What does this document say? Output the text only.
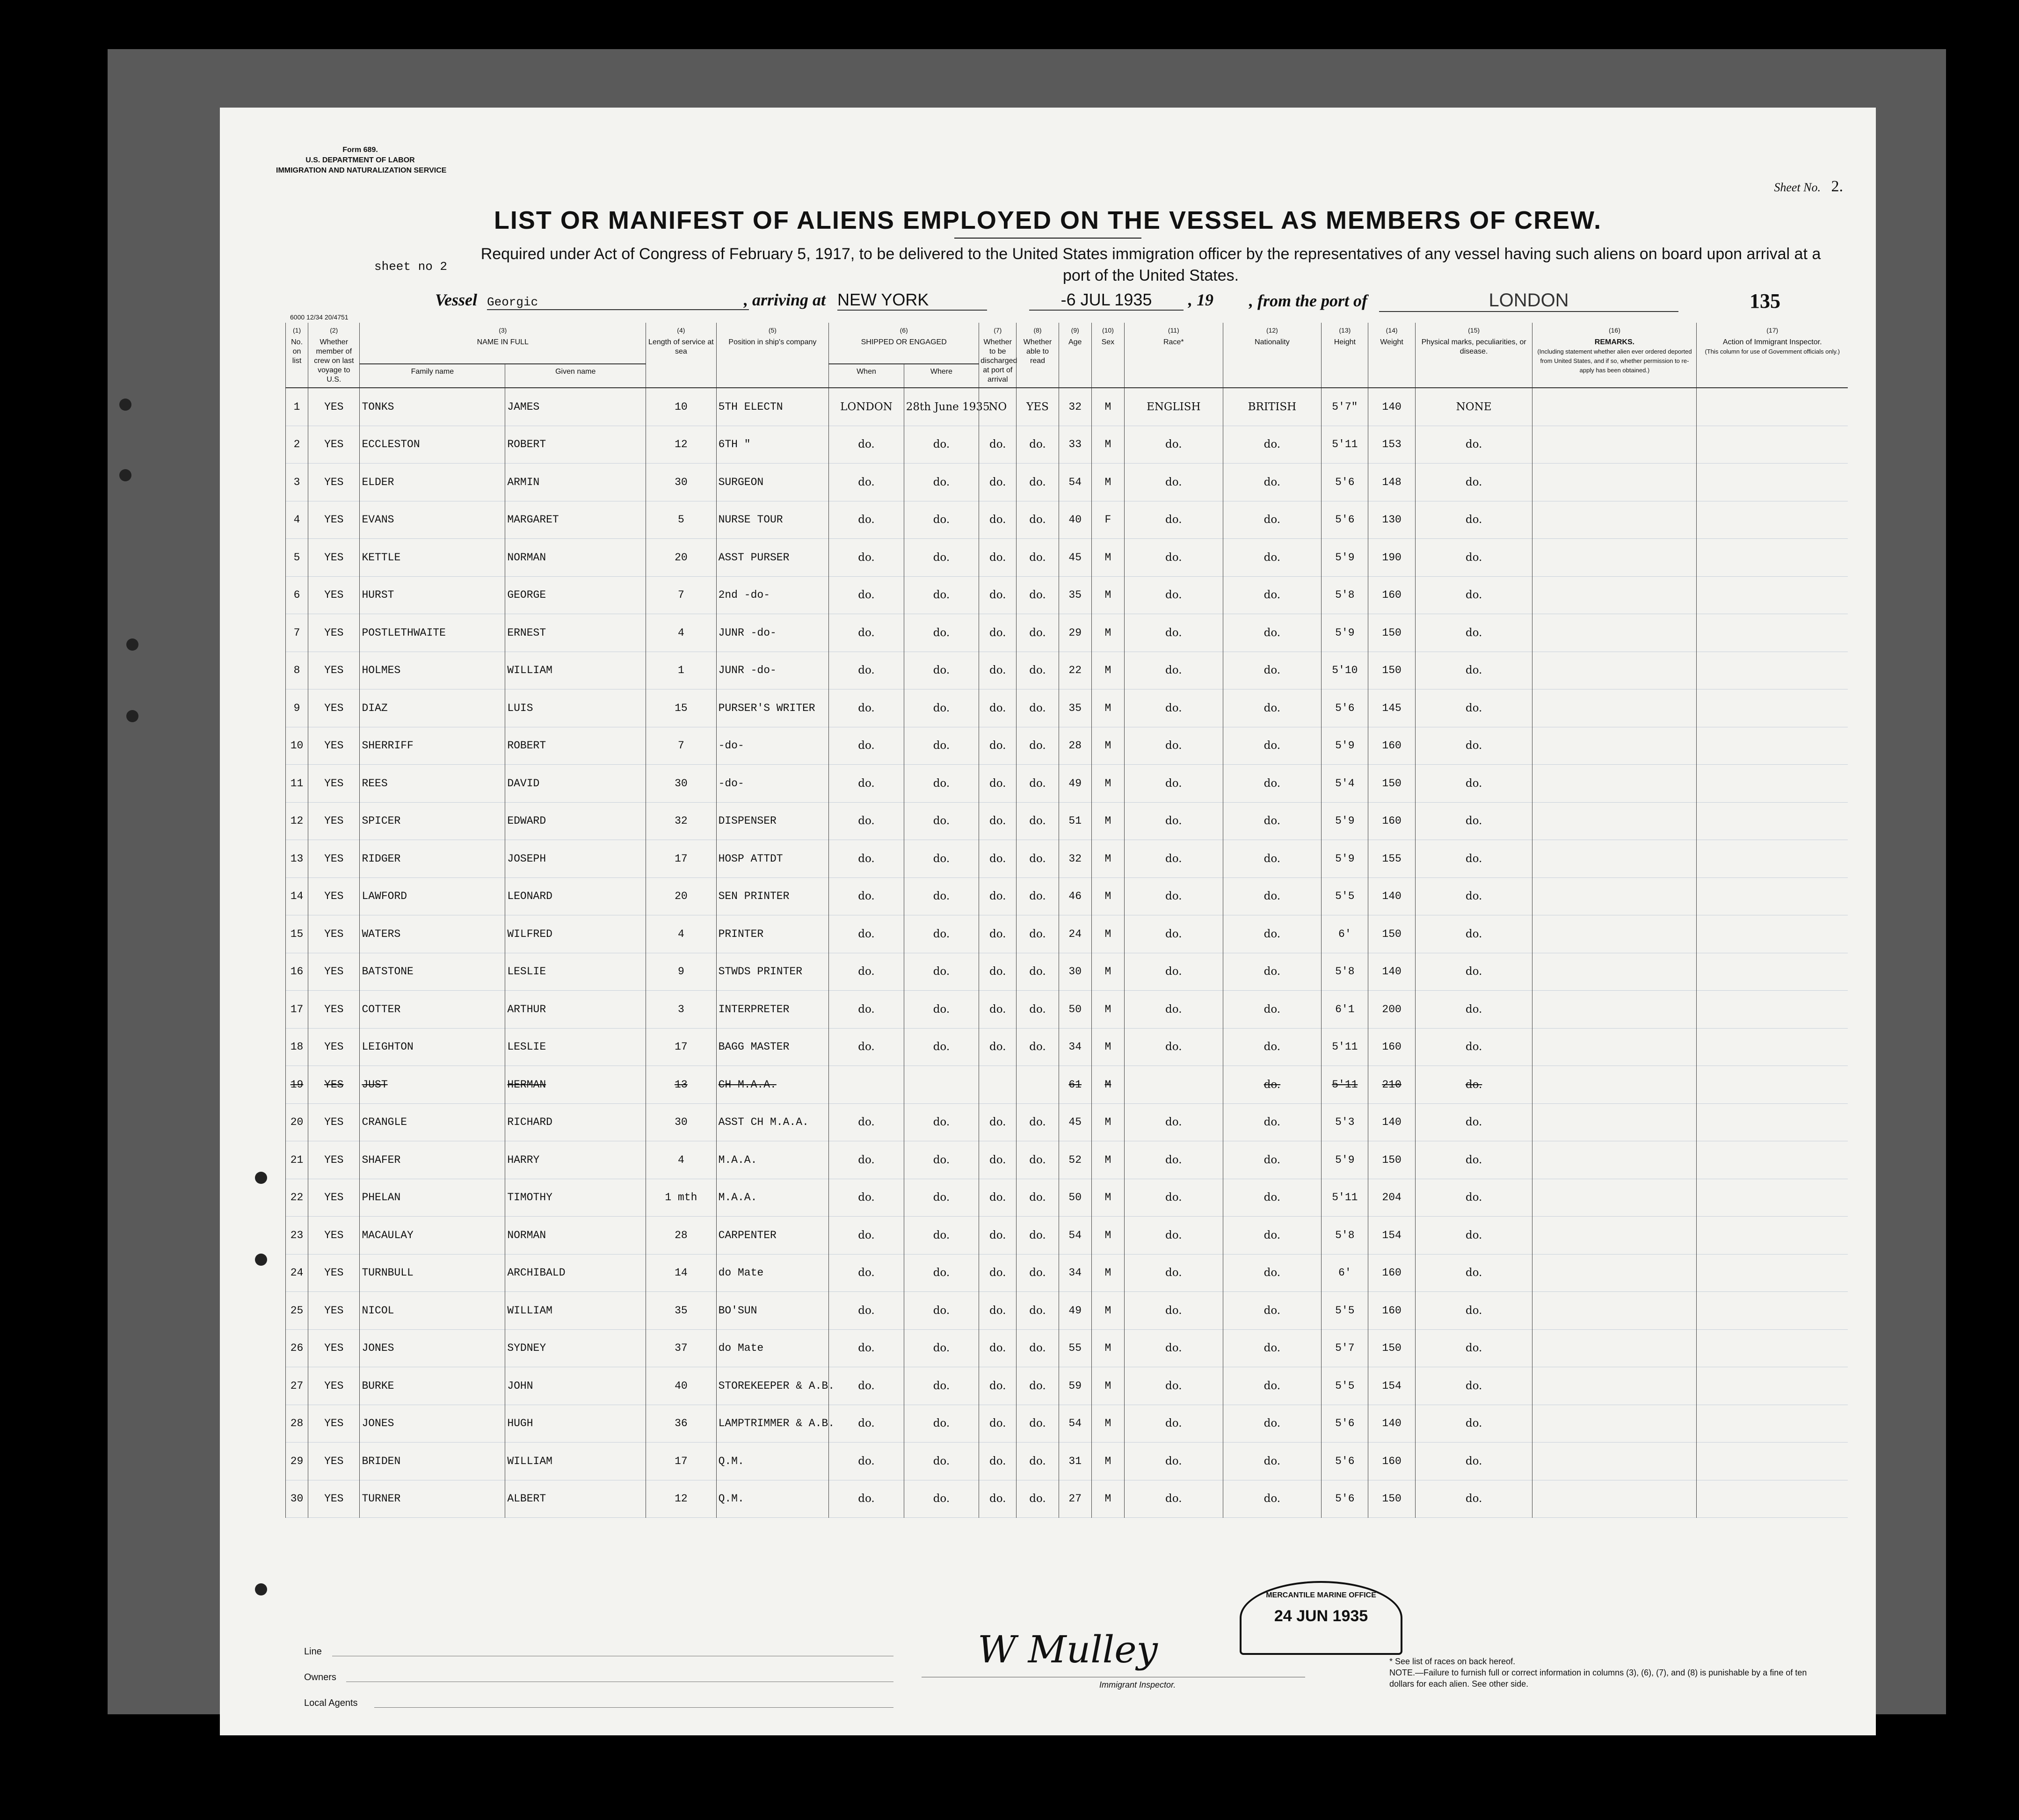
Form 689.
U.S. DEPARTMENT OF LABOR
IMMIGRATION AND NATURALIZATION SERVICE
Sheet No. 2.
LIST OR MANIFEST OF ALIENS EMPLOYED ON THE VESSEL AS MEMBERS OF CREW.
Required under Act of Congress of February 5, 1917, to be delivered to the United States immigration officer by the representatives of any vessel having such aliens on board upon arrival at a port of the United States.
sheet no 2
Vessel Georgic	, arriving at NEW YORK	-6 JUL 1935	, 19 , from the port of	LONDON	135
6000 12/34 20/4751
(1)
No. on list	(2)
Whether member of crew on last voyage to U.S.	(3)
NAME IN FULL		(4)
Length of service at sea	(5)
Position in ship's company	(6)
SHIPPED OR ENGAGED		(7)
Whether to be discharged at port of arrival	(8)
Whether able to read	(9)
Age	(10)
Sex	(11)
Race*	(12)
Nationality	(13)
Height	(14)
Weight	(15)
Physical marks, peculiarities, or disease.	(16)
REMARKS.
(Including statement whether alien ever ordered deported from United States, and if so, whether permission to re-apply has been obtained.)	(17)
Action of Immigrant Inspector.
(This column for use of Government officials only.)
		Family name	Given name			When	Where											
1	YES	TONKS	JAMES	10	5TH ELECTN	LONDON	28th June 1935	NO	YES	32	M	ENGLISH	BRITISH	5'7"	140	NONE		
2	YES	ECCLESTON	ROBERT	12	6TH "	do.	do.	do.	do.	33	M	do.	do.	5'11	153	do.		
3	YES	ELDER	ARMIN	30	SURGEON	do.	do.	do.	do.	54	M	do.	do.	5'6	148	do.		
4	YES	EVANS	MARGARET	5	NURSE TOUR	do.	do.	do.	do.	40	F	do.	do.	5'6	130	do.		
5	YES	KETTLE	NORMAN	20	ASST PURSER	do.	do.	do.	do.	45	M	do.	do.	5'9	190	do.		
6	YES	HURST	GEORGE	7	2nd -do-	do.	do.	do.	do.	35	M	do.	do.	5'8	160	do.		
7	YES	POSTLETHWAITE	ERNEST	4	JUNR -do-	do.	do.	do.	do.	29	M	do.	do.	5'9	150	do.		
8	YES	HOLMES	WILLIAM	1	JUNR -do-	do.	do.	do.	do.	22	M	do.	do.	5'10	150	do.		
9	YES	DIAZ	LUIS	15	PURSER'S WRITER	do.	do.	do.	do.	35	M	do.	do.	5'6	145	do.		
10	YES	SHERRIFF	ROBERT	7	-do-	do.	do.	do.	do.	28	M	do.	do.	5'9	160	do.		
11	YES	REES	DAVID	30	-do-	do.	do.	do.	do.	49	M	do.	do.	5'4	150	do.		
12	YES	SPICER	EDWARD	32	DISPENSER	do.	do.	do.	do.	51	M	do.	do.	5'9	160	do.		
13	YES	RIDGER	JOSEPH	17	HOSP ATTDT	do.	do.	do.	do.	32	M	do.	do.	5'9	155	do.		
14	YES	LAWFORD	LEONARD	20	SEN PRINTER	do.	do.	do.	do.	46	M	do.	do.	5'5	140	do.		
15	YES	WATERS	WILFRED	4	PRINTER	do.	do.	do.	do.	24	M	do.	do.	6'	150	do.		
16	YES	BATSTONE	LESLIE	9	STWDS PRINTER	do.	do.	do.	do.	30	M	do.	do.	5'8	140	do.		
17	YES	COTTER	ARTHUR	3	INTERPRETER	do.	do.	do.	do.	50	M	do.	do.	6'1	200	do.		
18	YES	LEIGHTON	LESLIE	17	BAGG MASTER	do.	do.	do.	do.	34	M	do.	do.	5'11	160	do.		
19	YES	JUST	HERMAN	13	CH M.A.A.					61	M		do.	5'11	210	do.		
20	YES	CRANGLE	RICHARD	30	ASST CH M.A.A.	do.	do.	do.	do.	45	M	do.	do.	5'3	140	do.		
21	YES	SHAFER	HARRY	4	M.A.A.	do.	do.	do.	do.	52	M	do.	do.	5'9	150	do.		
22	YES	PHELAN	TIMOTHY	1 mth	M.A.A.	do.	do.	do.	do.	50	M	do.	do.	5'11	204	do.		
23	YES	MACAULAY	NORMAN	28	CARPENTER	do.	do.	do.	do.	54	M	do.	do.	5'8	154	do.		
24	YES	TURNBULL	ARCHIBALD	14	do Mate	do.	do.	do.	do.	34	M	do.	do.	6'	160	do.		
25	YES	NICOL	WILLIAM	35	BO'SUN	do.	do.	do.	do.	49	M	do.	do.	5'5	160	do.		
26	YES	JONES	SYDNEY	37	do Mate	do.	do.	do.	do.	55	M	do.	do.	5'7	150	do.		
27	YES	BURKE	JOHN	40	STOREKEEPER & A.B.	do.	do.	do.	do.	59	M	do.	do.	5'5	154	do.		
28	YES	JONES	HUGH	36	LAMPTRIMMER & A.B.	do.	do.	do.	do.	54	M	do.	do.	5'6	140	do.		
29	YES	BRIDEN	WILLIAM	17	Q.M.	do.	do.	do.	do.	31	M	do.	do.	5'6	160	do.		
30	YES	TURNER	ALBERT	12	Q.M.	do.	do.	do.	do.	27	M	do.	do.	5'6	150	do.		
Line
Owners
Local Agents
W Mulley
Immigrant Inspector.
MERCANTILE MARINE OFFICE
24 JUN 1935
* See list of races on back hereof.
NOTE.—Failure to furnish full or correct information in columns (3), (6), (7), and (8) is punishable by a fine of ten dollars for each alien. See other side.
